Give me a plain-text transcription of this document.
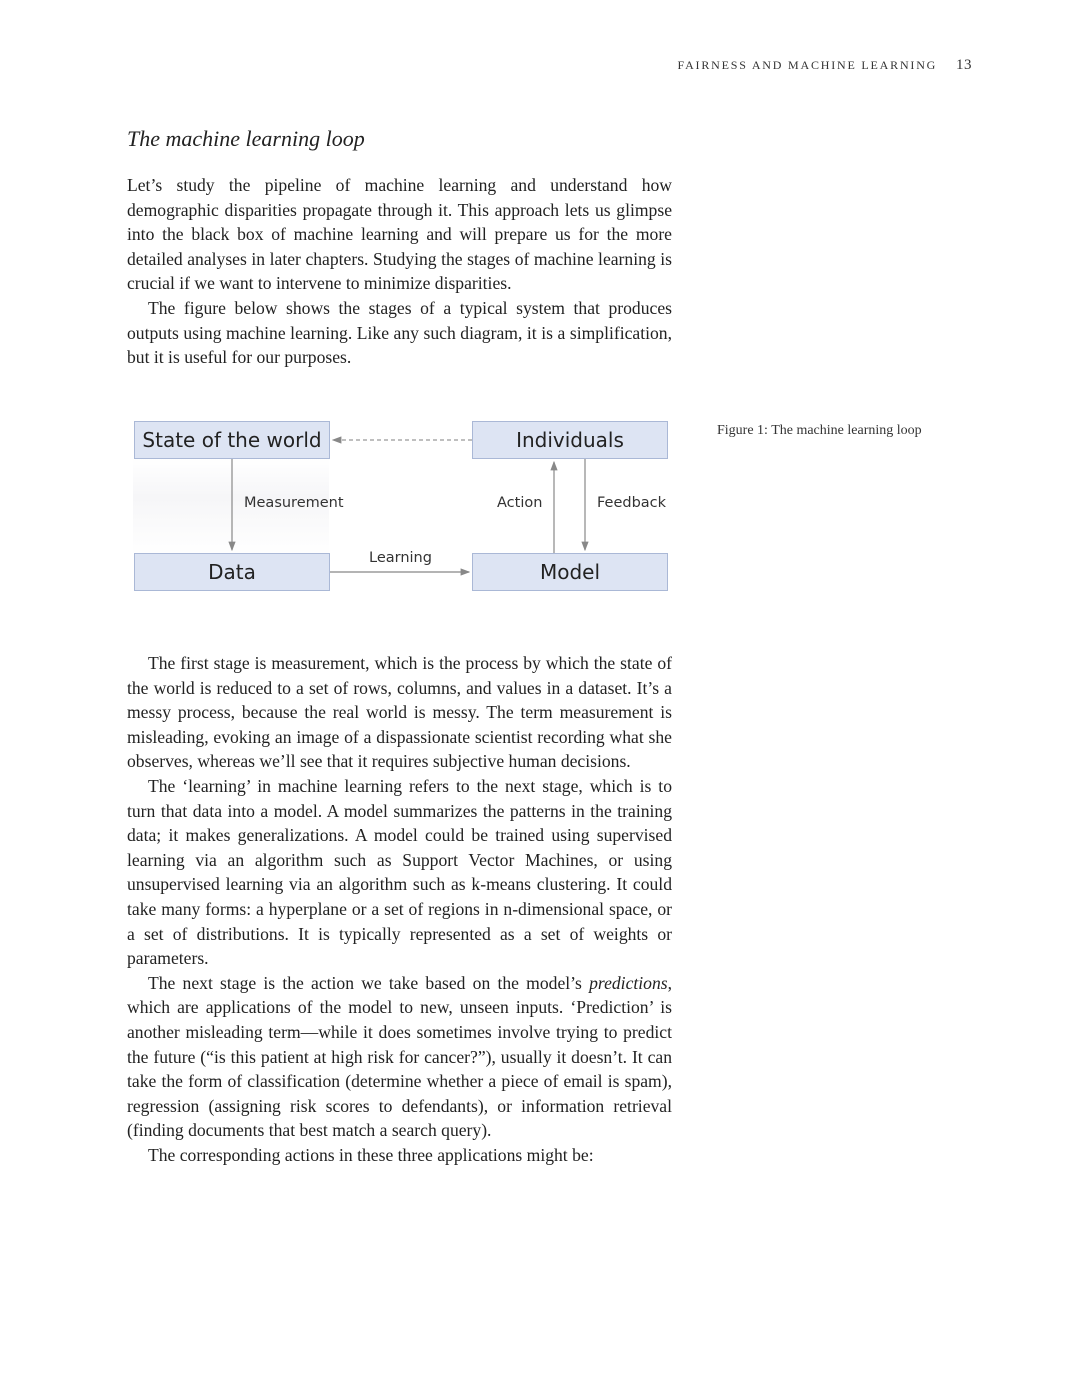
FAIRNESS AND MACHINE LEARNING 13
The machine learning loop

Let’s study the pipeline of machine learning and understand how demographic disparities propagate through it. This approach lets us glimpse into the black box of machine learning and will prepare us for the more detailed analyses in later chapters. Studying the stages of machine learning is crucial if we want to intervene to minimize disparities.

The figure below shows the stages of a typical system that produces outputs using machine learning. Like any such diagram, it is a simplification, but it is useful for our purposes.

State of the world	Individuals
Data	Model
Measurement	Action	Feedback
Learning
Figure 1: The machine learning loop

The first stage is measurement, which is the process by which the state of the world is reduced to a set of rows, columns, and values in a dataset. It’s a messy process, because the real world is messy. The term measurement is misleading, evoking an image of a dispassionate scientist recording what she observes, whereas we’ll see that it requires subjective human decisions.

The ‘learning’ in machine learning refers to the next stage, which is to turn that data into a model. A model summarizes the patterns in the training data; it makes generalizations. A model could be trained using supervised learning via an algorithm such as Support Vector Machines, or using unsupervised learning via an algorithm such as k-means clustering. It could take many forms: a hyperplane or a set of regions in n-dimensional space, or a set of distributions. It is typically represented as a set of weights or parameters.

The next stage is the action we take based on the model’s predictions, which are applications of the model to new, unseen inputs. ‘Prediction’ is another misleading term—while it does sometimes involve trying to predict the future (“is this patient at high risk for cancer?”), usually it doesn’t. It can take the form of classification (determine whether a piece of email is spam), regression (assigning risk scores to defendants), or information retrieval (finding documents that best match a search query).

The corresponding actions in these three applications might be:
